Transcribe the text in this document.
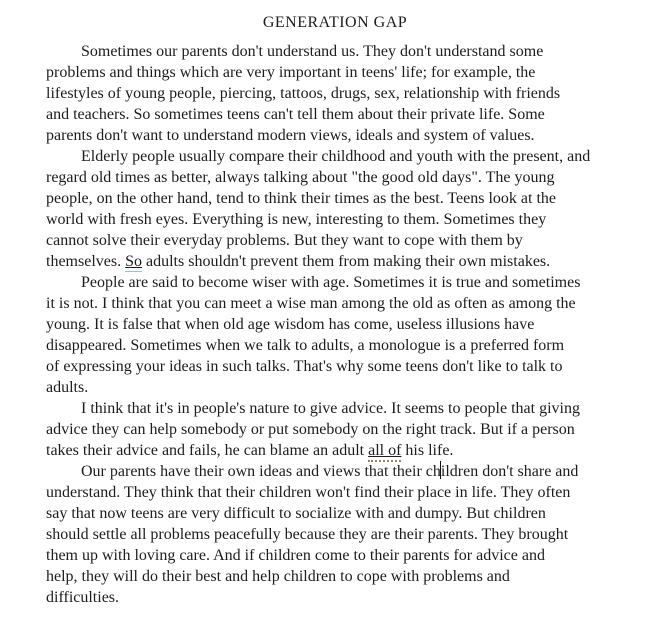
GENERATION GAP
Sometimes our parents don't understand us. They don't understand some
problems and things which are very important in teens' life; for example, the
lifestyles of young people, piercing, tattoos, drugs, sex, relationship with friends
and teachers. So sometimes teens can't tell them about their private life. Some
parents don't want to understand modern views, ideals and system of values.
Elderly people usually compare their childhood and youth with the present, and
regard old times as better, always talking about "the good old days". The young
people, on the other hand, tend to think their times as the best. Teens look at the
world with fresh eyes. Everything is new, interesting to them. Sometimes they
cannot solve their everyday problems. But they want to cope with them by
themselves. So adults shouldn't prevent them from making their own mistakes.
People are said to become wiser with age. Sometimes it is true and sometimes
it is not. I think that you can meet a wise man among the old as often as among the
young. It is false that when old age wisdom has come, useless illusions have
disappeared. Sometimes when we talk to adults, a monologue is a preferred form
of expressing your ideas in such talks. That's why some teens don't like to talk to
adults.
I think that it's in people's nature to give advice. It seems to people that giving
advice they can help somebody or put somebody on the right track. But if a person
takes their advice and fails, he can blame an adult all of his life.
Our parents have their own ideas and views that their children don't share and
understand. They think that their children won't find their place in life. They often
say that now teens are very difficult to socialize with and dumpy. But children
should settle all problems peacefully because they are their parents. They brought
them up with loving care. And if children come to their parents for advice and
help, they will do their best and help children to cope with problems and
difficulties.
